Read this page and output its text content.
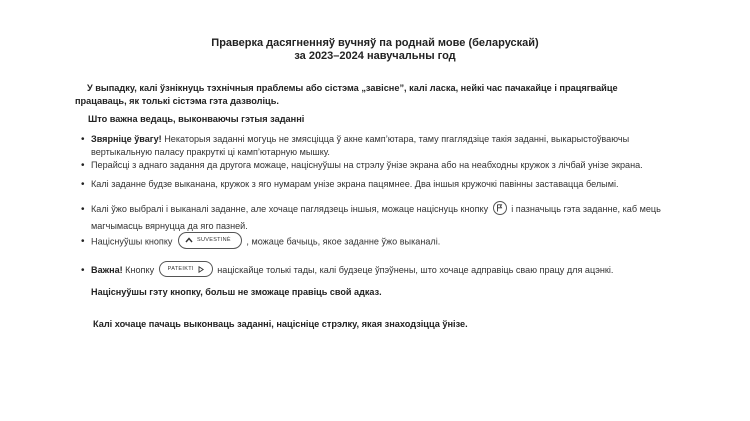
Праверка дасягненняў вучняў па роднай мове (беларускай)
за 2023–2024 навучальны год
У выпадку, калі ўзнікнуць тэхнічныя праблемы або сістэма „завісне”, калі ласка, нейкі час пачакайце і працягвайце працаваць, як толькі сістэма гэта дазволіць.
Што важна ведаць, выконваючы гэтыя заданні
• Звярніце ўвагу! Некаторыя заданні могуць не змясціцца ў акне камп’ютара, таму пraглядзіце такія заданні, выкарыстоўваючы вертыкальную паласу пракруткі ці камп’ютарную мышку.
• Перайсці з аднаго задання да другога можаце, націснуўшы на стрэлу ўнізе экрана або на неабходны кружок з лічбай унізе экрана.
• Калі заданне будзе выканана, кружок з яго нумарам унізе экрана пацямнее. Два іншыя кружочкі павінны заставацца белымі.
• Калі ўжо выбралі і выканалі заданне, але хочаце паглядзець іншыя, можаце націснуць кнопку	і пазначыць гэта заданне, каб мець магчымасць вярнуцца да яго пазней.
• Націснуўшы кнопку	SUVESTINĖ , можаце бачыць, якое заданне ўжо выканалі.
• Важна! Кнопку PATEIKTI	націскайце толькі тады, калі будзеце ўпэўнены, што хочаце адправіць сваю працу для ацэнкі.
Націснуўшы гэту кнопку, больш не зможаце правіць свой адказ.
Калі хочаце пачаць выконваць заданні, націсніце стрэлку, якая знаходзіцца ўнізе.
